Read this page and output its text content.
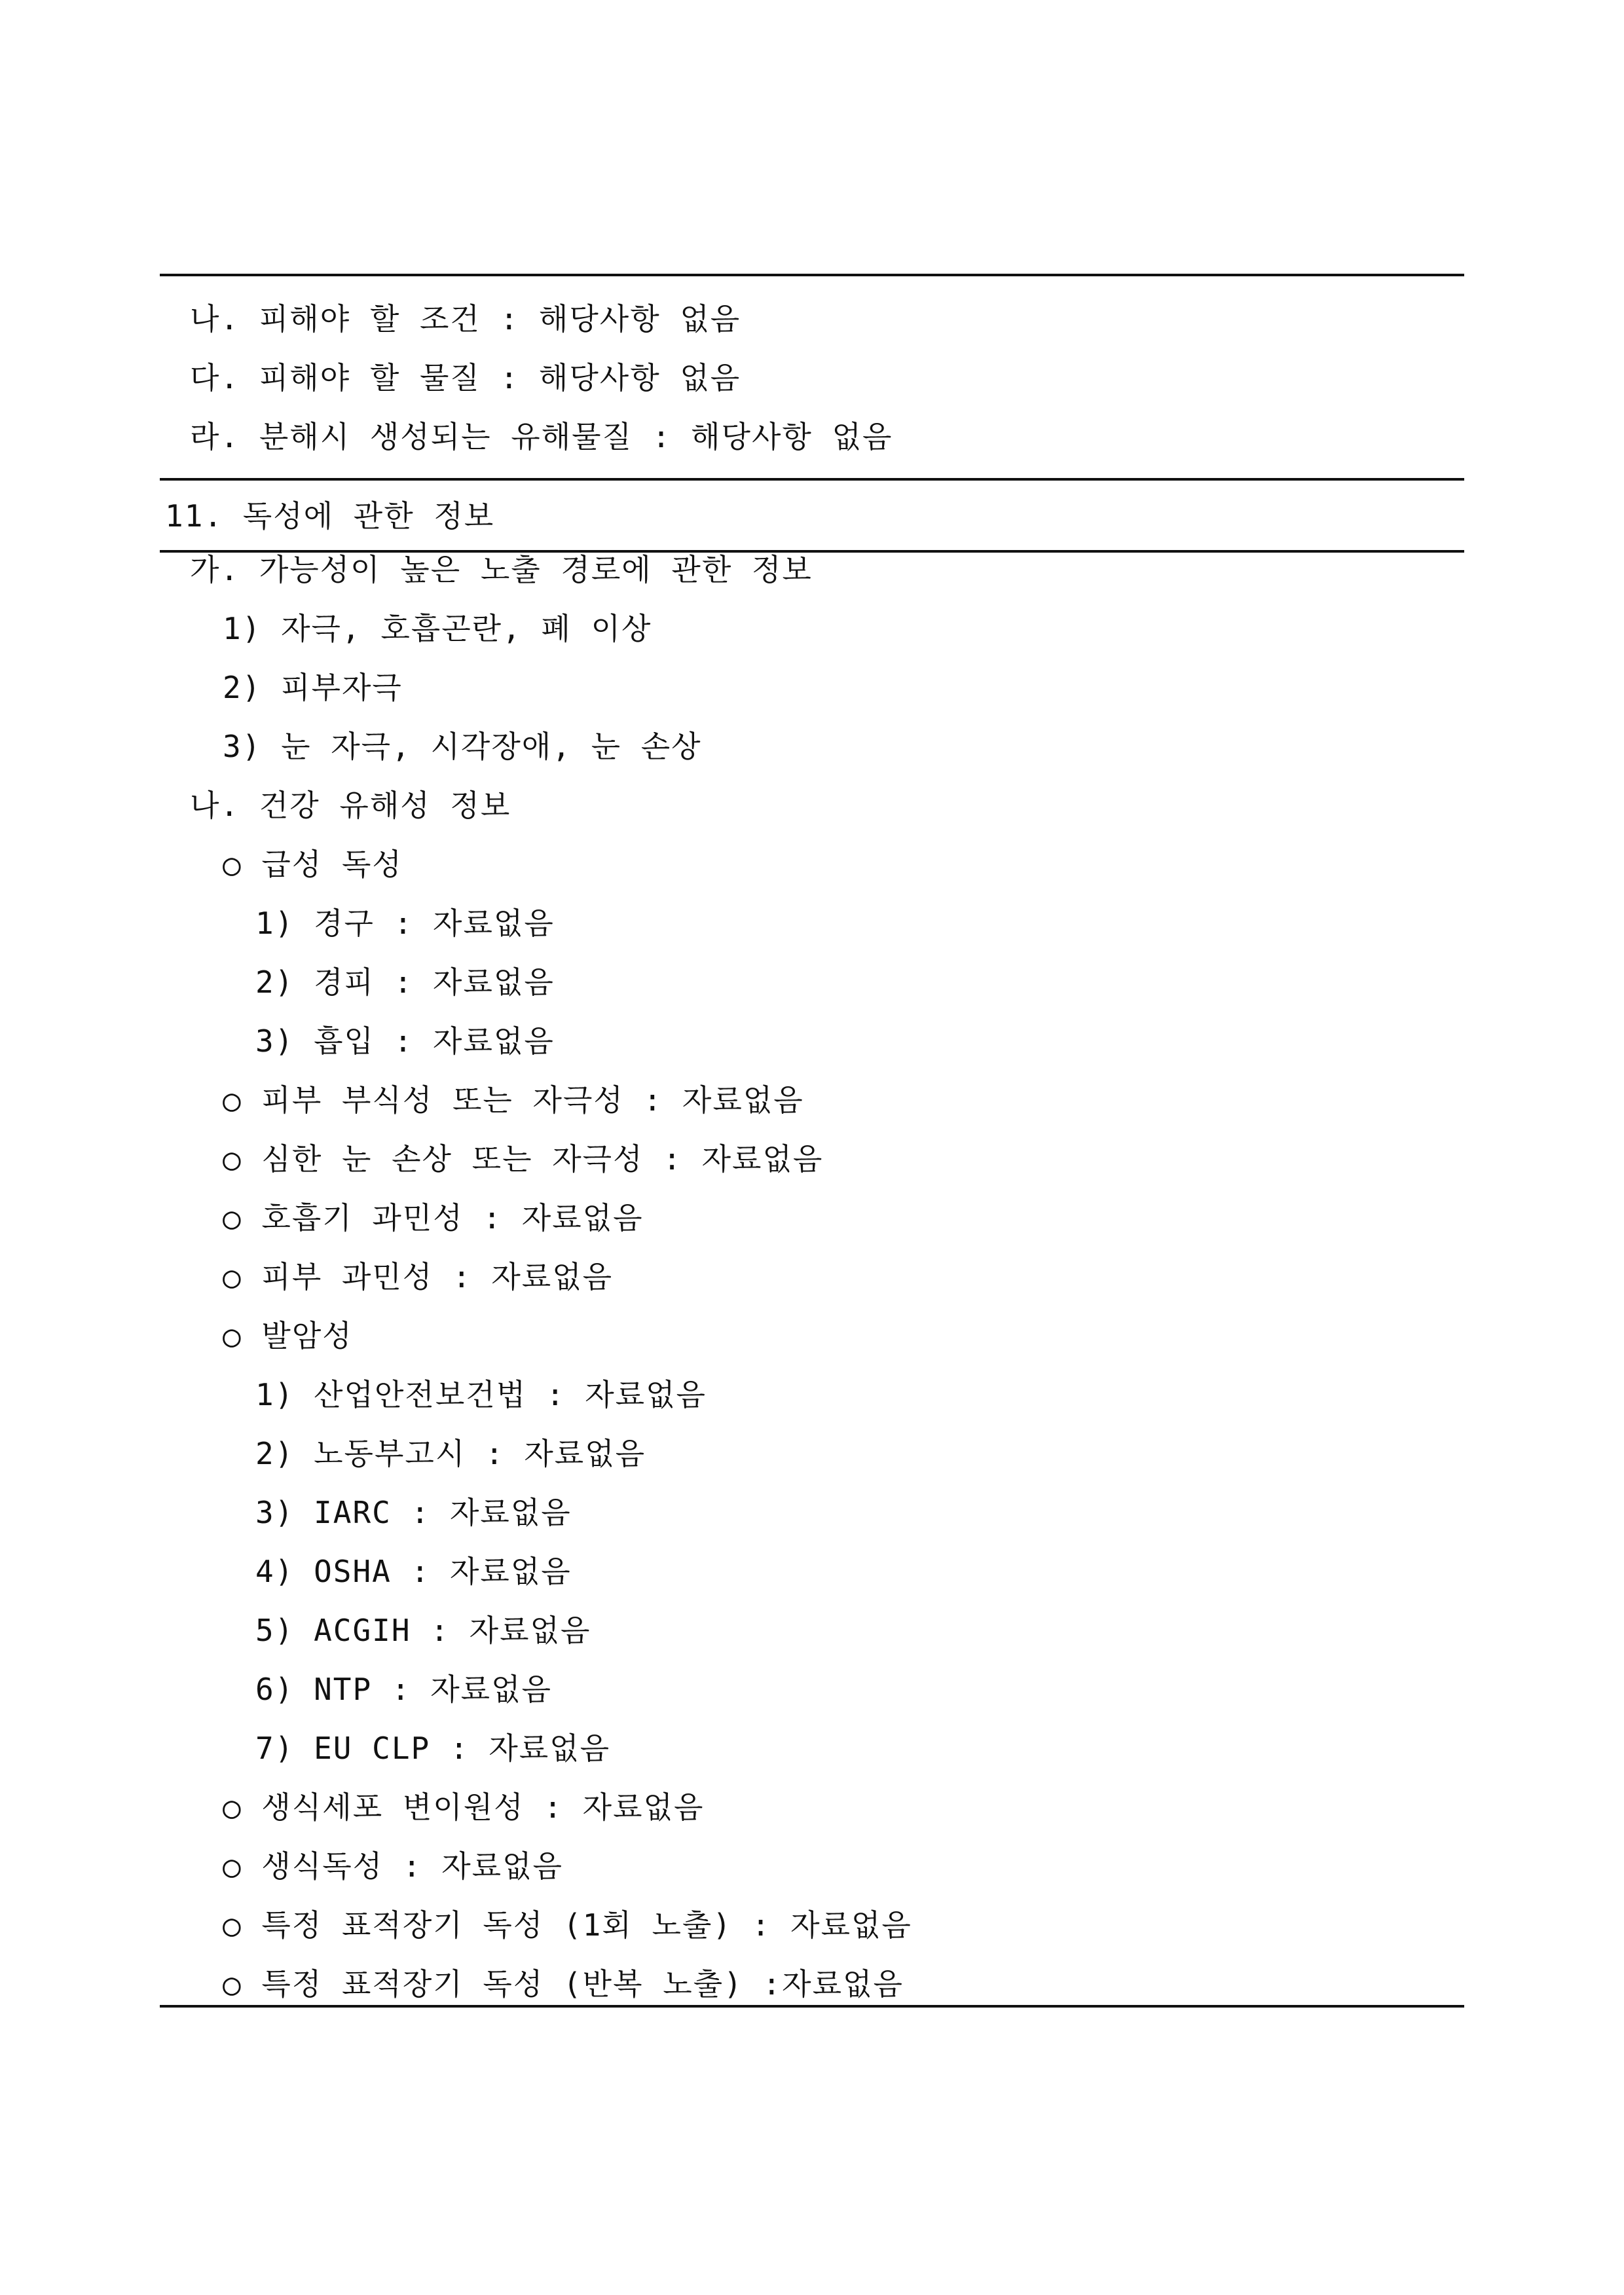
나. 피해야 할 조건 : 해당사항 없음
다. 피해야 할 물질 : 해당사항 없음
라. 분해시 생성되는 유해물질 : 해당사항 없음
11. 독성에 관한 정보
가. 가능성이 높은 노출 경로에 관한 정보
1) 자극, 호흡곤란, 폐 이상
2) 피부자극
3) 눈 자극, 시각장애, 눈 손상
나. 건강 유해성 정보
○ 급성 독성
1) 경구 : 자료없음
2) 경피 : 자료없음
3) 흡입 : 자료없음
○ 피부 부식성 또는 자극성 : 자료없음
○ 심한 눈 손상 또는 자극성 : 자료없음
○ 호흡기 과민성 : 자료없음
○ 피부 과민성 : 자료없음
○ 발암성
1) 산업안전보건법 : 자료없음
2) 노동부고시 : 자료없음
3) IARC : 자료없음
4) OSHA : 자료없음
5) ACGIH : 자료없음
6) NTP : 자료없음
7) EU CLP : 자료없음
○ 생식세포 변이원성 : 자료없음
○ 생식독성 : 자료없음
○ 특정 표적장기 독성 (1회 노출) : 자료없음
○ 특정 표적장기 독성 (반복 노출) :자료없음
